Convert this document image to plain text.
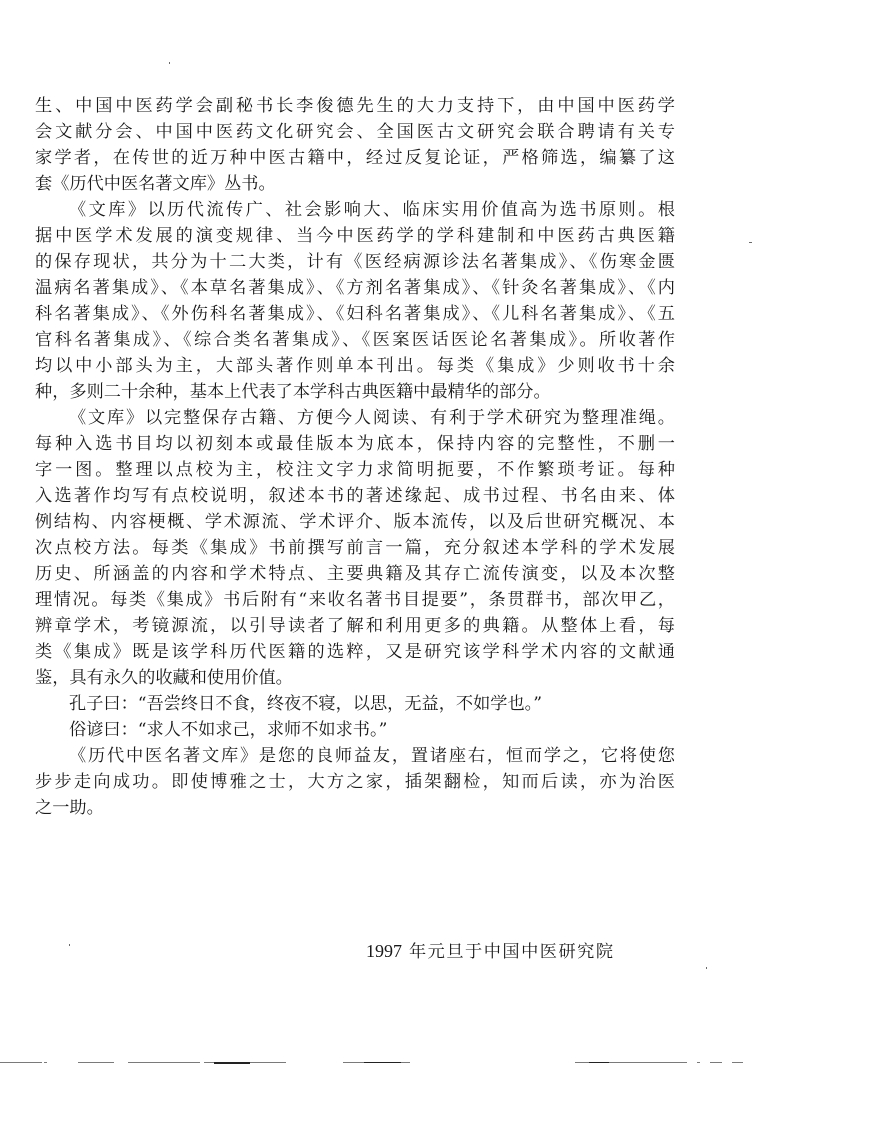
生、中国中医药学会副秘书长李俊德先生的大力支持下，由中国中医药学
会文献分会、中国中医药文化研究会、全国医古文研究会联合聘请有关专
家学者，在传世的近万种中医古籍中，经过反复论证，严格筛选，编纂了这
套《历代中医名著文库》丛书。
《文库》以历代流传广、社会影响大、临床实用价值高为选书原则。根
据中医学术发展的演变规律、当今中医药学的学科建制和中医药古典医籍
的保存现状，共分为十二大类，计有《医经病源诊法名著集成》、《伤寒金匮
温病名著集成》、《本草名著集成》、《方剂名著集成》、《针灸名著集成》、《内
科名著集成》、《外伤科名著集成》、《妇科名著集成》、《儿科名著集成》、《五
官科名著集成》、《综合类名著集成》、《医案医话医论名著集成》。所收著作
均以中小部头为主，大部头著作则单本刊出。每类《集成》少则收书十余
种，多则二十余种，基本上代表了本学科古典医籍中最精华的部分。
《文库》以完整保存古籍、方便今人阅读、有利于学术研究为整理准绳。
每种入选书目均以初刻本或最佳版本为底本，保持内容的完整性，不删一
字一图。整理以点校为主，校注文字力求简明扼要，不作繁琐考证。每种
入选著作均写有点校说明，叙述本书的著述缘起、成书过程、书名由来、体
例结构、内容梗概、学术源流、学术评介、版本流传，以及后世研究概况、本
次点校方法。每类《集成》书前撰写前言一篇，充分叙述本学科的学术发展
历史、所涵盖的内容和学术特点、主要典籍及其存亡流传演变，以及本次整
理情况。每类《集成》书后附有“来收名著书目提要”，条贯群书，部次甲乙，
辨章学术，考镜源流，以引导读者了解和利用更多的典籍。从整体上看，每
类《集成》既是该学科历代医籍的选粹，又是研究该学科学术内容的文献通
鉴，具有永久的收藏和使用价值。
孔子曰：“吾尝终日不食，终夜不寝，以思，无益，不如学也。”
俗谚曰：“求人不如求己，求师不如求书。”
《历代中医名著文库》是您的良师益友，置诸座右，恒而学之，它将使您
步步走向成功。即使博雅之士，大方之家，插架翻检，知而后读，亦为治医
之一助。
1997 年元旦于中国中医研究院
